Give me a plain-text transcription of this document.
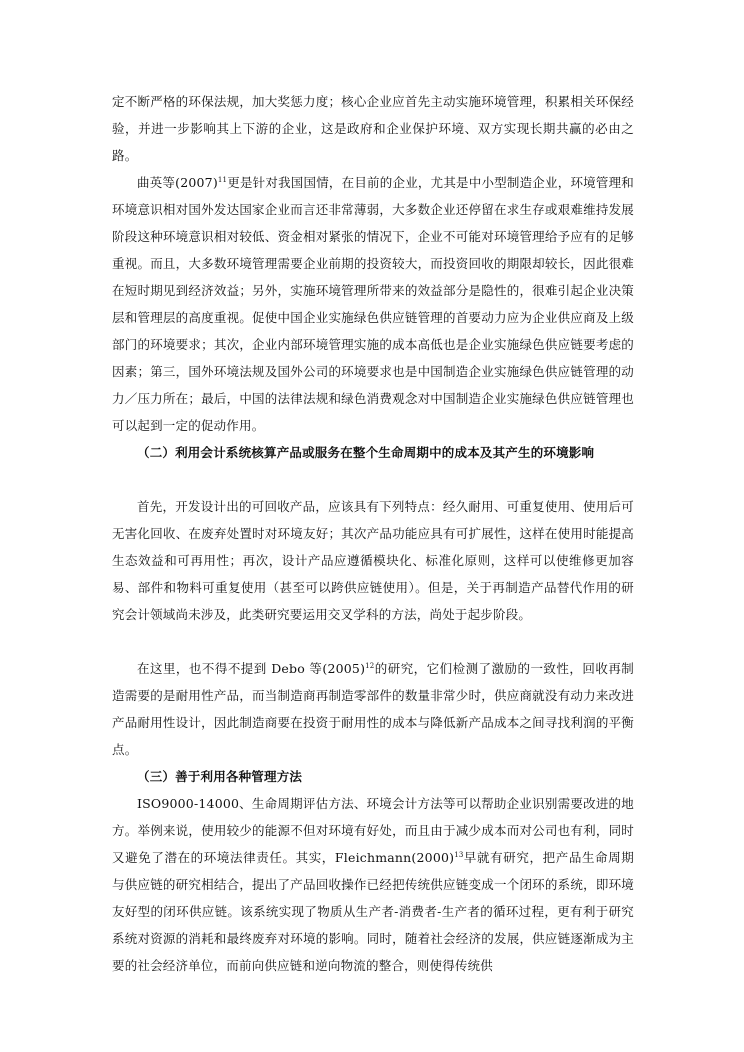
定不断严格的环保法规，加大奖惩力度；核心企业应首先主动实施环境管理，积累相关环保经验，并进一步影响其上下游的企业，这是政府和企业保护环境、双方实现长期共赢的必由之路。

曲英等$(2007)^{11}$更是针对我国国情，在目前的企业，尤其是中小型制造企业，环境管理和环境意识相对国外发达国家企业而言还非常薄弱，大多数企业还停留在求生存或艰难维持发展阶段这种环境意识相对较低、资金相对紧张的情况下，企业不可能对环境管理给予应有的足够重视。而且，大多数环境管理需要企业前期的投资较大，而投资回收的期限却较长，因此很难在短时期见到经济效益；另外，实施环境管理所带来的效益部分是隐性的，很难引起企业决策层和管理层的高度重视。促使中国企业实施绿色供应链管理的首要动力应为企业供应商及上级部门的环境要求；其次，企业内部环境管理实施的成本高低也是企业实施绿色供应链要考虑的因素；第三，国外环境法规及国外公司的环境要求也是中国制造企业实施绿色供应链管理的动力／压力所在；最后，中国的法律法规和绿色消费观念对中国制造企业实施绿色供应链管理也可以起到一定的促动作用。

（二）利用会计系统核算产品或服务在整个生命周期中的成本及其产生的环境影响

首先，开发设计出的可回收产品，应该具有下列特点：经久耐用、可重复使用、使用后可无害化回收、在废弃处置时对环境友好；其次产品功能应具有可扩展性，这样在使用时能提高生态效益和可再用性；再次，设计产品应遵循模块化、标准化原则，这样可以使维修更加容易、部件和物料可重复使用（甚至可以跨供应链使用）。但是，关于再制造产品替代作用的研究会计领域尚未涉及，此类研究要运用交叉学科的方法，尚处于起步阶段。

在这里，也不得不提到 Debo 等$(2005)^{12}$的研究，它们检测了激励的一致性，回收再制造需要的是耐用性产品，而当制造商再制造零部件的数量非常少时，供应商就没有动力来改进产品耐用性设计，因此制造商要在投资于耐用性的成本与降低新产品成本之间寻找利润的平衡点。

（三）善于利用各种管理方法

ISO9000-14000、生命周期评估方法、环境会计方法等可以帮助企业识别需要改进的地方。举例来说，使用较少的能源不但对环境有好处，而且由于减少成本而对公司也有利，同时又避免了潜在的环境法律责任。其实，$Fleichmann(2000)^{13}$早就有研究，把产品生命周期与供应链的研究相结合，提出了产品回收操作已经把传统供应链变成一个闭环的系统，即环境友好型的闭环供应链。该系统实现了物质从生产者-消费者-生产者的循环过程，更有利于研究系统对资源的消耗和最终废弃对环境的影响。同时，随着社会经济的发展，供应链逐渐成为主要的社会经济单位，而前向供应链和逆向物流的整合，则使得传统供
